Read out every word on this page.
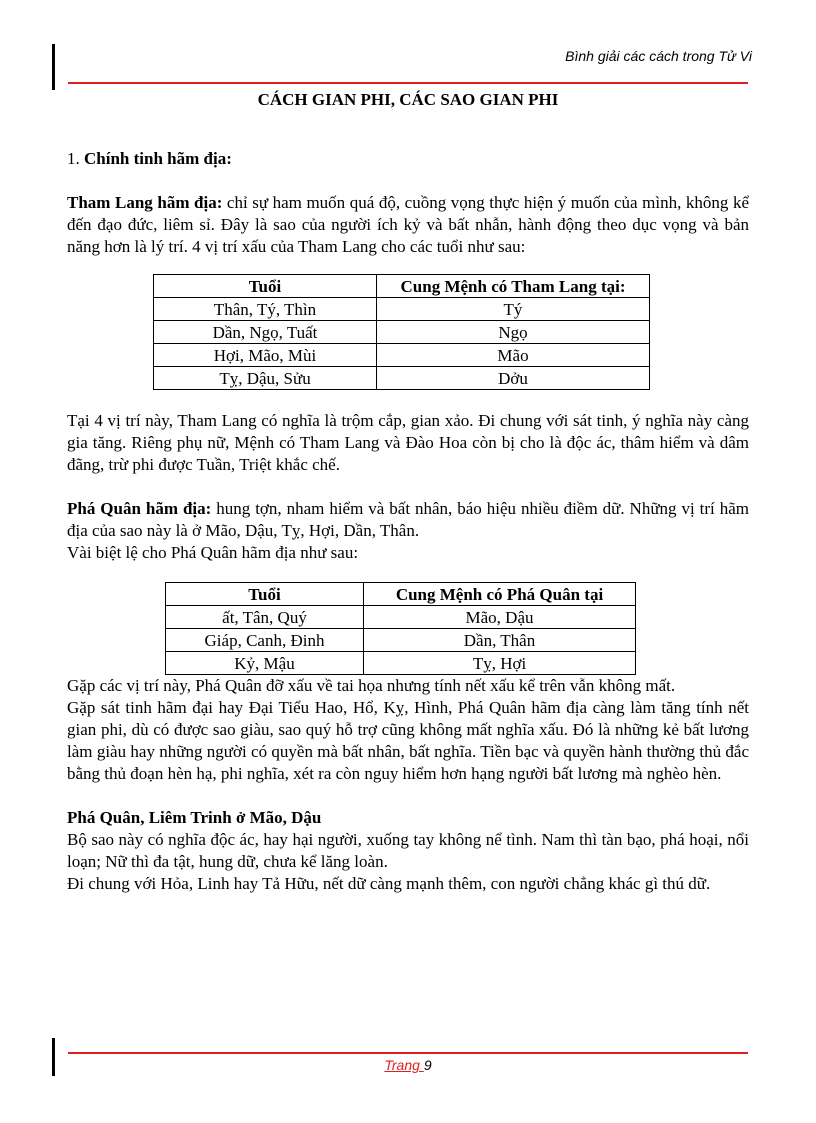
Bình giải các cách trong Tử Vi
CÁCH GIAN PHI, CÁC SAO GIAN PHI

1. Chính tinh hãm địa:

Tham Lang hãm địa: chỉ sự ham muốn quá độ, cuồng vọng thực hiện ý muốn của mình, không kể đến đạo đức, liêm sỉ. Đây là sao của người ích kỷ và bất nhẫn, hành động theo dục vọng và bản năng hơn là lý trí. 4 vị trí xấu của Tham Lang cho các tuổi như sau:

Tuổi	Cung Mệnh có Tham Lang tại:
Thân, Tý, Thìn	Tý
Dần, Ngọ, Tuất	Ngọ
Hợi, Mão, Mùi	Mão
Tỵ, Dậu, Sửu	Dởu

Tại 4 vị trí này, Tham Lang có nghĩa là trộm cắp, gian xảo. Đi chung với sát tinh, ý nghĩa này càng gia tăng. Riêng phụ nữ, Mệnh có Tham Lang và Đào Hoa còn bị cho là độc ác, thâm hiểm và dâm đãng, trừ phi được Tuần, Triệt khắc chế.

Phá Quân hãm địa: hung tợn, nham hiểm và bất nhân, báo hiệu nhiều điềm dữ. Những vị trí hãm địa của sao này là ở Mão, Dậu, Tỵ, Hợi, Dần, Thân.

Vài biệt lệ cho Phá Quân hãm địa như sau:

Tuổi	Cung Mệnh có Phá Quân tại
ất, Tân, Quý	Mão, Dậu
Giáp, Canh, Đinh	Dần, Thân
Kỷ, Mậu	Tỵ, Hợi

Gặp các vị trí này, Phá Quân đỡ xấu về tai họa nhưng tính nết xấu kể trên vẫn không mất.

Gặp sát tinh hãm đại hay Đại Tiểu Hao, Hổ, Kỵ, Hình, Phá Quân hãm địa càng làm tăng tính nết gian phi, dù có được sao giàu, sao quý hỗ trợ cũng không mất nghĩa xấu. Đó là những kẻ bất lương làm giàu hay những người có quyền mà bất nhân, bất nghĩa. Tiền bạc và quyền hành thường thủ đắc bằng thủ đoạn hèn hạ, phi nghĩa, xét ra còn nguy hiểm hơn hạng người bất lương mà nghèo hèn.

Phá Quân, Liêm Trinh ở Mão, Dậu

Bộ sao này có nghĩa độc ác, hay hại người, xuống tay không nể tình. Nam thì tàn bạo, phá hoại, nổi loạn; Nữ thì đa tật, hung dữ, chưa kể lăng loàn.

Đi chung với Hỏa, Linh hay Tả Hữu, nết dữ càng mạnh thêm, con người chẳng khác gì thú dữ.

Trang 9
